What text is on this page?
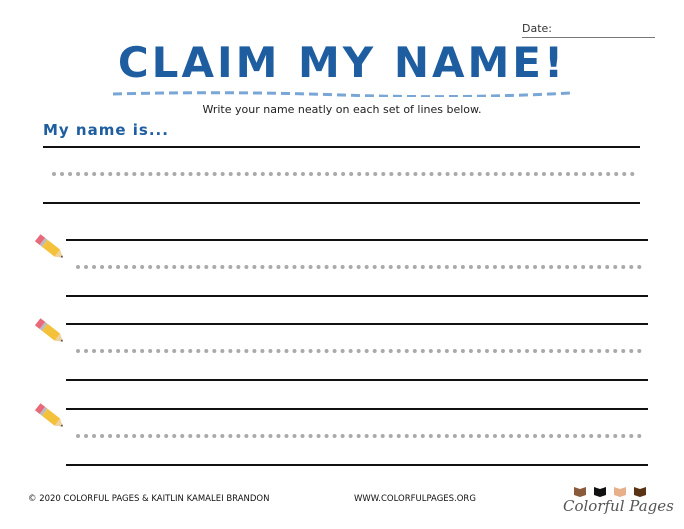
Date:
CLAIM MY NAME!
Write your name neatly on each set of lines below.
My name is...
© 2020 COLORFUL PAGES & KAITLIN KAMALEI BRANDON	WWW.COLORFULPAGES.ORG	Colorful Pages
